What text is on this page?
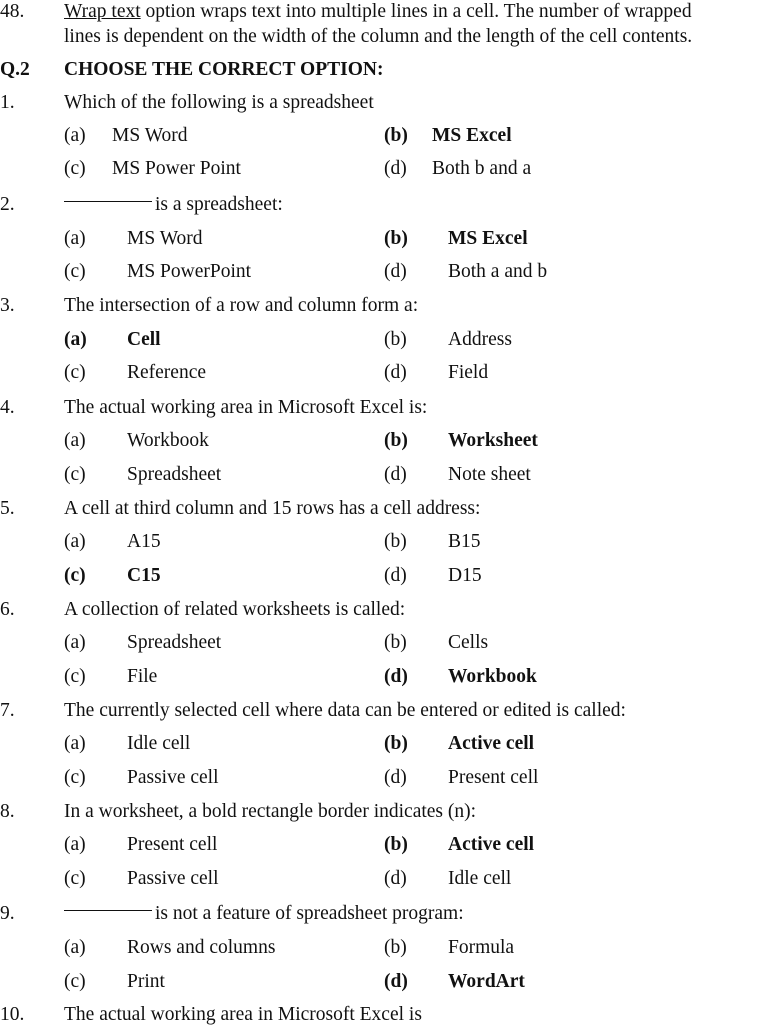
48. Wrap text option wraps text into multiple lines in a cell. The number of wrapped
lines is dependent on the width of the column and the length of the cell contents.
Q.2 CHOOSE THE CORRECT OPTION:
1.	Which of the following is a spreadsheet
(a) MS Word	(b) MS Excel
(c) MS Power Point	(d) Both b and a
2.	is a spreadsheet:
(a) MS Word	(b) MS Excel
(c) MS PowerPoint	(d) Both a and b
3.	The intersection of a row and column form a:
(a) Cell	(b) Address
(c) Reference	(d) Field
4.	The actual working area in Microsoft Excel is:
(a) Workbook	(b) Worksheet
(c) Spreadsheet	(d) Note sheet
5.	A cell at third column and 15 rows has a cell address:
(a) A15	(b) B15
(c) C15	(d) D15
6.	A collection of related worksheets is called:
(a) Spreadsheet	(b) Cells
(c) File	(d) Workbook
7.	The currently selected cell where data can be entered or edited is called:
(a) Idle cell	(b) Active cell
(c) Passive cell	(d) Present cell
8.	In a worksheet, a bold rectangle border indicates (n):
(a) Present cell	(b) Active cell
(c) Passive cell	(d) Idle cell
9.	is not a feature of spreadsheet program:
(a) Rows and columns	(b) Formula
(c) Print	(d) WordArt
10. The actual working area in Microsoft Excel is
